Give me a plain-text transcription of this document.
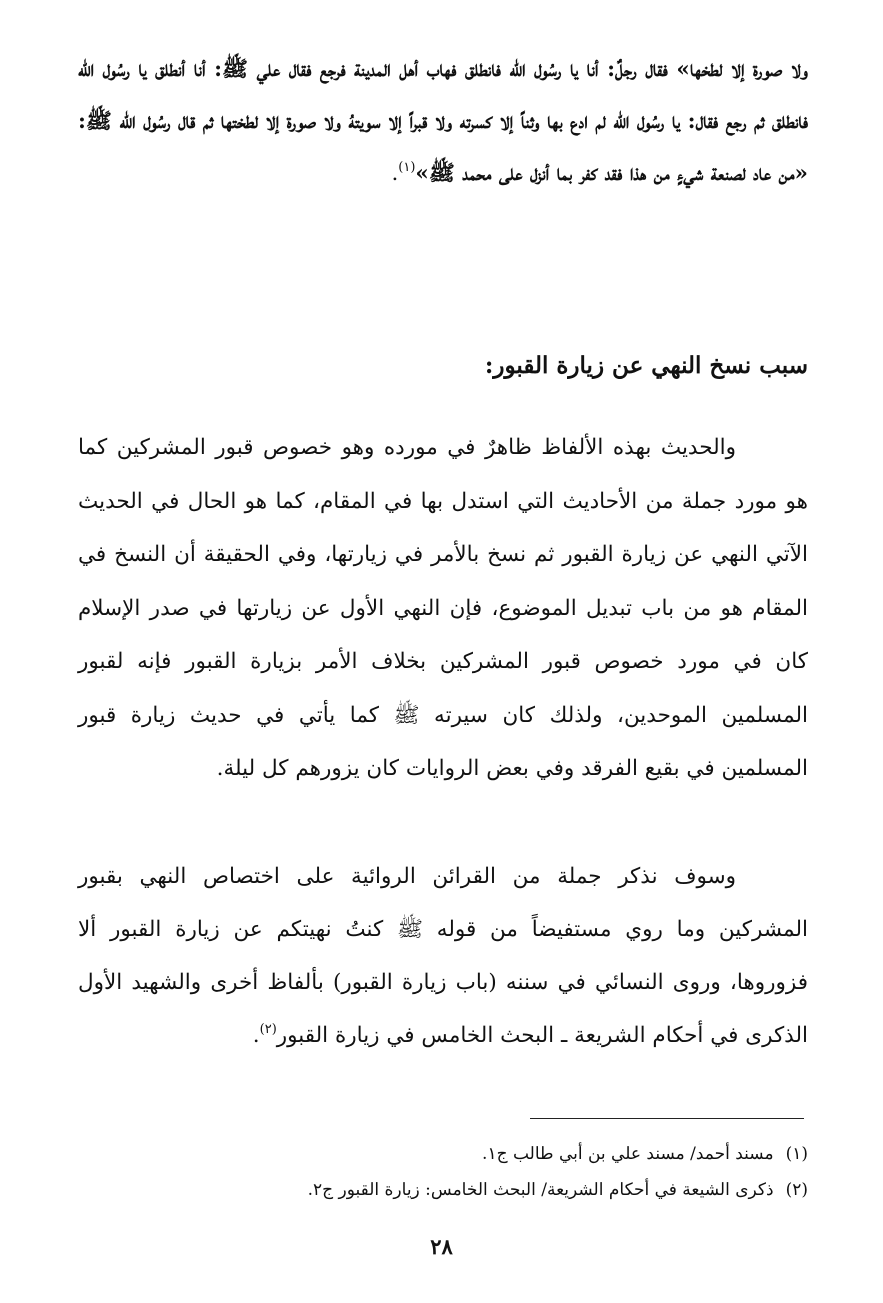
ولا صورة إلا لطخها» فقال رجلٌ: أنا يا رسُول الله فانطلق فهاب أهل المدينة فرجع فقال علي ﷺ: أنا أنطلق يا رسُول الله فانطلق ثم رجع فقال: يا رسُول الله لم ادع بها وثناً إلا كسرته ولا قبراً إلا سويتهُ ولا صورة إلا لطختها ثم قال رسُول الله ﷺ: «من عاد لصنعة شيءٍ من هذا فقد كفر بما أنزل على محمد ﷺ»$^{(١)}$.

سبب نسخ النهي عن زيارة القبور:

والحديث بهذه الألفاظ ظاهرٌ في مورده وهو خصوص قبور المشركين كما هو مورد جملة من الأحاديث التي استدل بها في المقام، كما هو الحال في الحديث الآتي النهي عن زيارة القبور ثم نسخ بالأمر في زيارتها، وفي الحقيقة أن النسخ في المقام هو من باب تبديل الموضوع، فإن النهي الأول عن زيارتها في صدر الإسلام كان في مورد خصوص قبور المشركين بخلاف الأمر بزيارة القبور فإنه لقبور المسلمين الموحدين، ولذلك كان سيرته ﷺ كما يأتي في حديث زيارة قبور المسلمين في بقيع الفرقد وفي بعض الروايات كان يزورهم كل ليلة.

وسوف نذكر جملة من القرائن الروائية على اختصاص النهي بقبور المشركين وما روي مستفيضاً من قوله ﷺ كنتُ نهيتكم عن زيارة القبور ألا فزوروها، وروى النسائي في سننه (باب زيارة القبور) بألفاظ أخرى والشهيد الأول الذكرى في أحكام الشريعة ـ البحث الخامس في زيارة القبور$^{(٢)}$.

(١)مسند أحمد/ مسند علي بن أبي طالب ج١.
(٢)ذكرى الشيعة في أحكام الشريعة/ البحث الخامس: زيارة القبور ج٢.
٢٨
